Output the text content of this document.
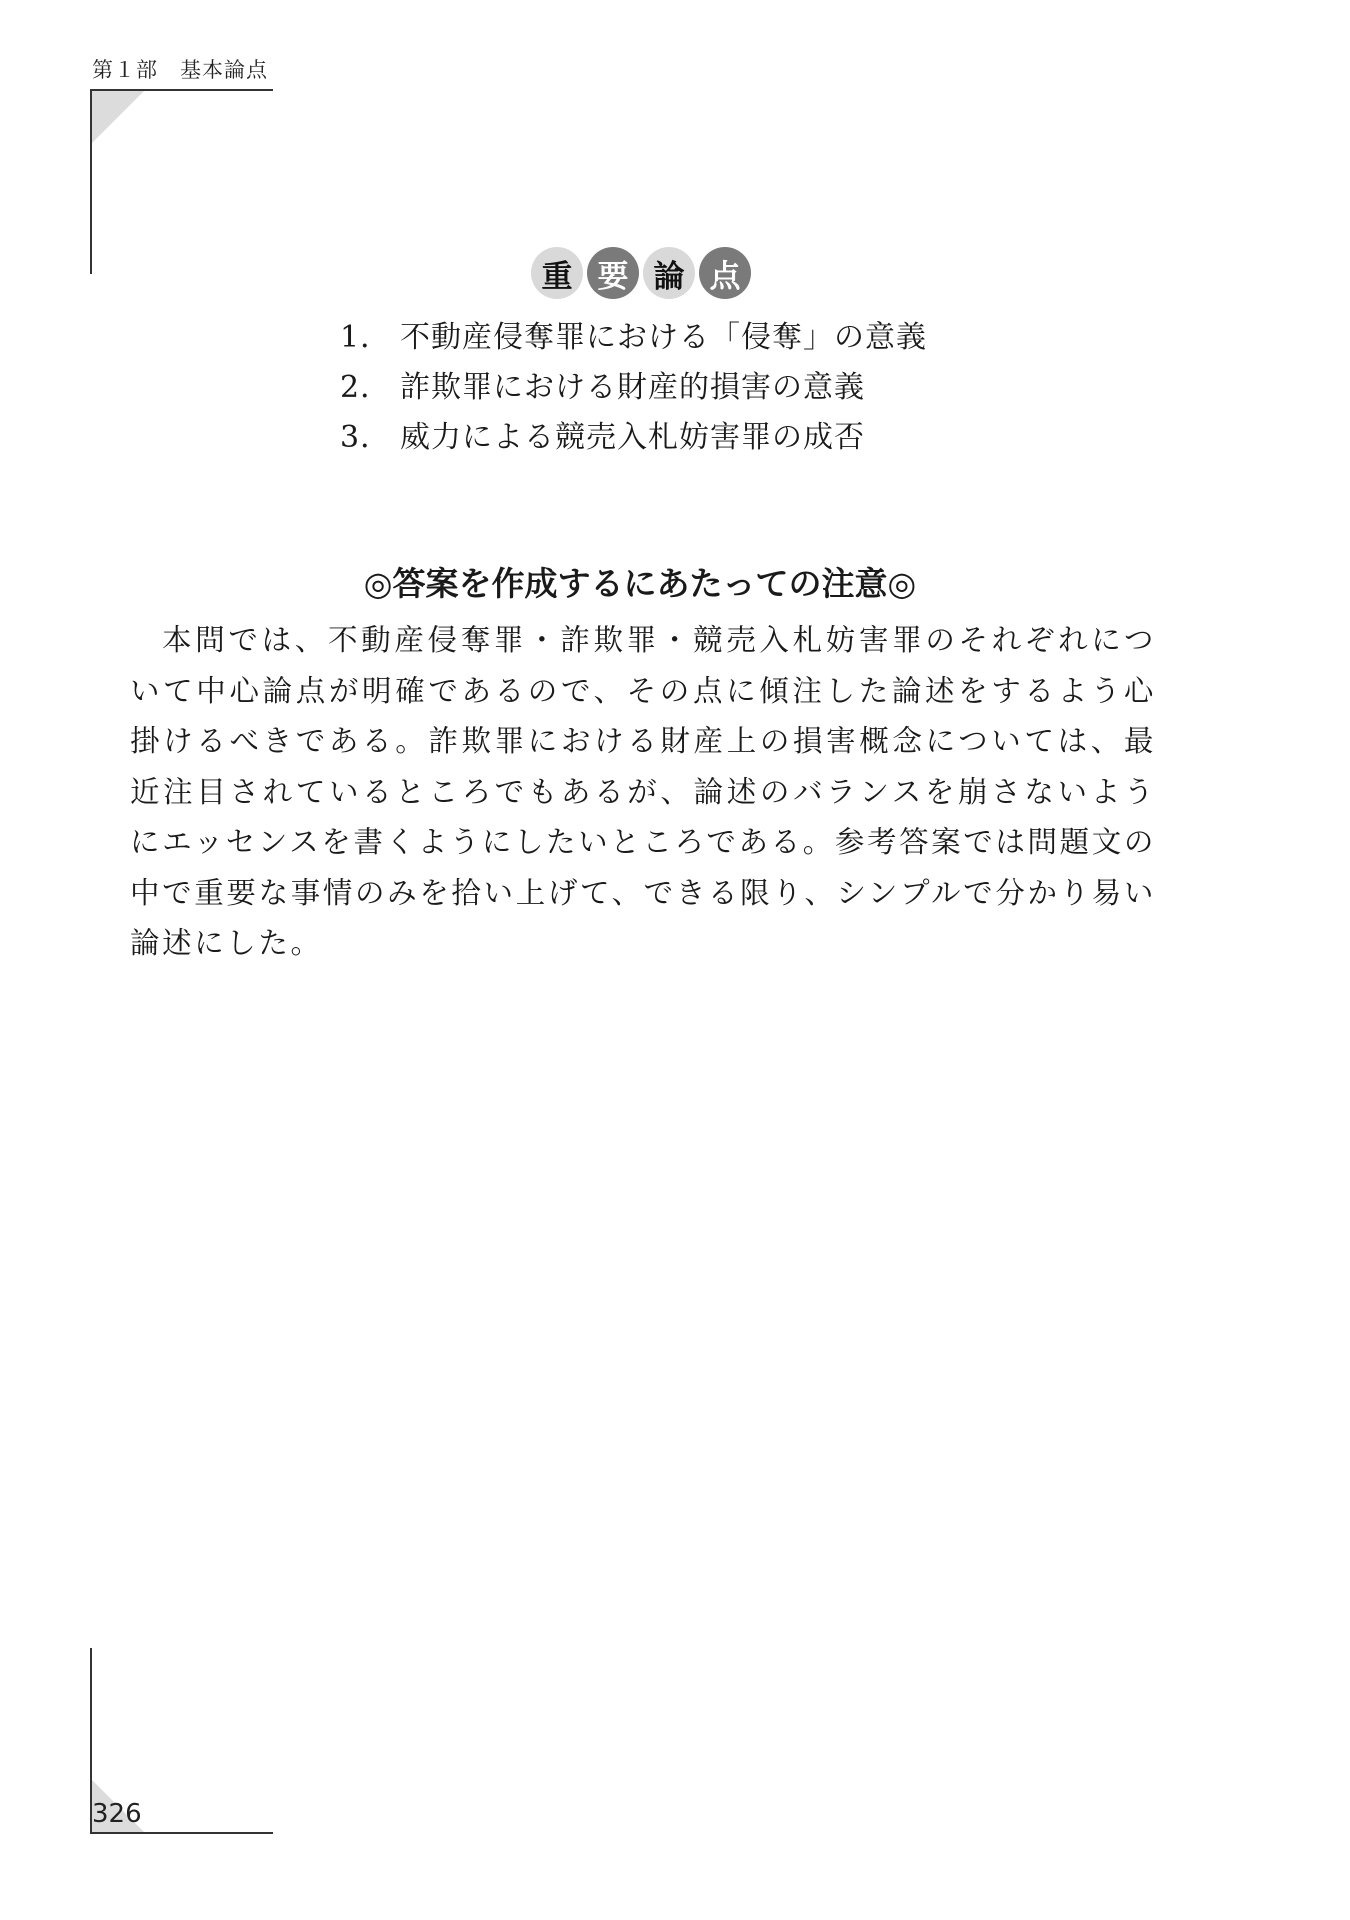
第１部 基本論点
重 要 論 点
1． 不動産侵奪罪における「侵奪」の意義
2． 詐欺罪における財産的損害の意義
3． 威力による競売入札妨害罪の成否
◎答案を作成するにあたっての注意◎

本問では、不動産侵奪罪・詐欺罪・競売入札妨害罪のそれぞれについて中心論点が明確であるので、その点に傾注した論述をするよう心掛けるべきである。詐欺罪における財産上の損害概念については、最近注目されているところでもあるが、論述のバランスを崩さないようにエッセンスを書くようにしたいところである。参考答案では問題文の中で重要な事情のみを拾い上げて、できる限り、シンプルで分かり易い論述にした。

326
